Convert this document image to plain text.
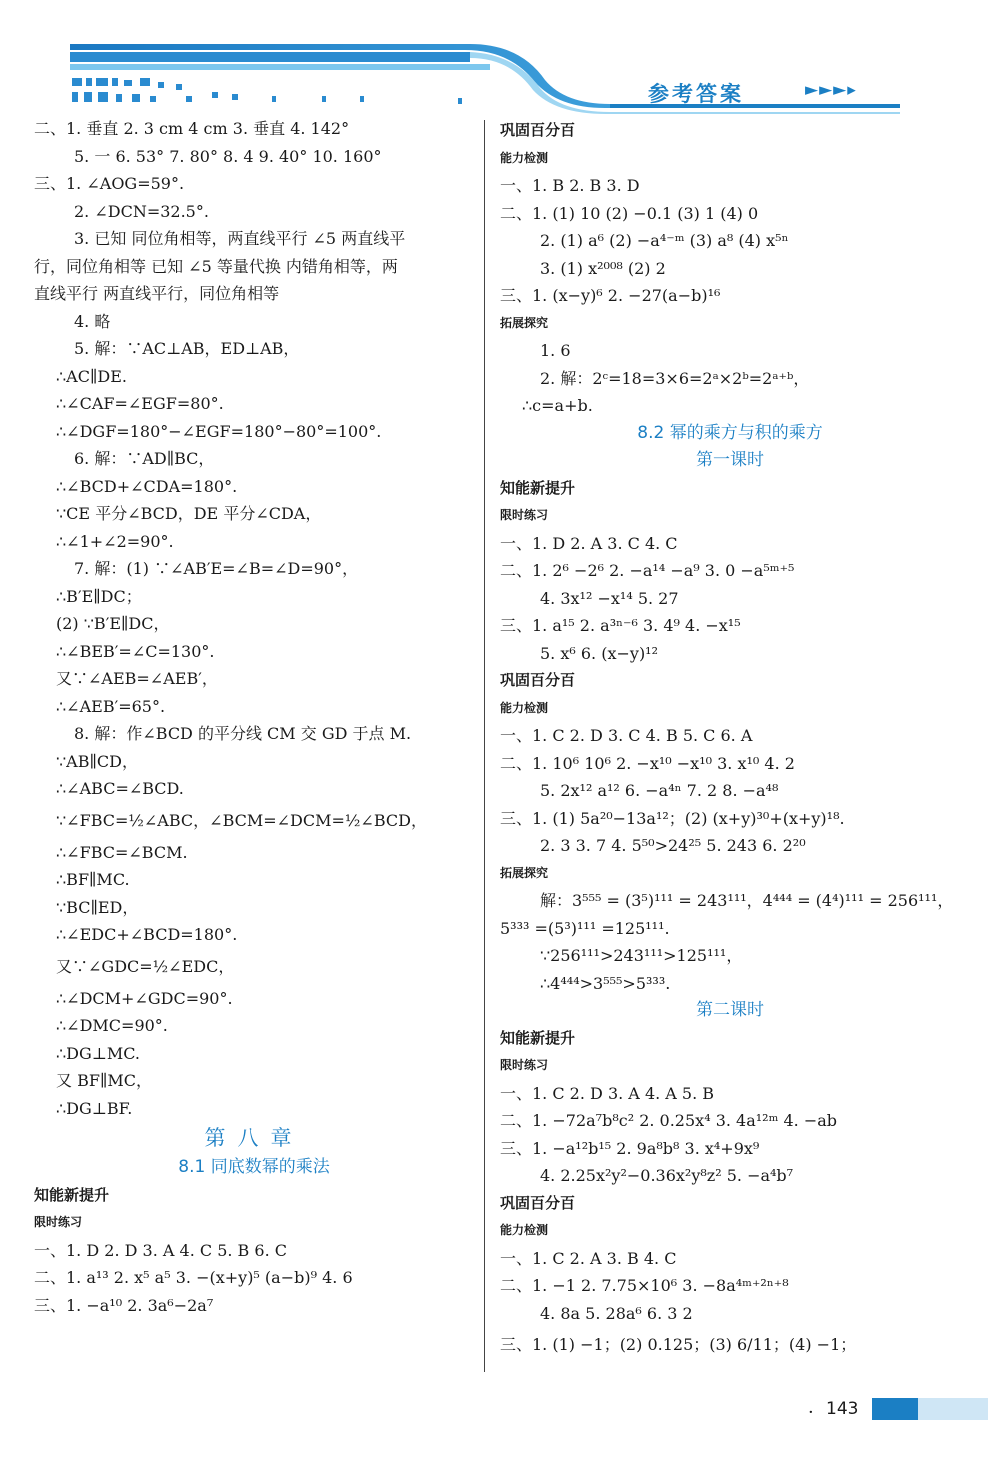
参考答案	►►►▸
二、1. 垂直 2. 3 cm 4 cm 3. 垂直 4. 142°
5. 一 6. 53° 7. 80° 8. 4 9. 40° 10. 160°
三、1. ∠AOG=59°.
2. ∠DCN=32.5°.
3. 已知 同位角相等，两直线平行 ∠5 两直线平
行，同位角相等 已知 ∠5 等量代换 内错角相等，两
直线平行 两直线平行，同位角相等
4. 略
5. 解：∵AC⊥AB，ED⊥AB，
∴AC∥DE.
∴∠CAF=∠EGF=80°.
∴∠DGF=180°−∠EGF=180°−80°=100°.
6. 解：∵AD∥BC，
∴∠BCD+∠CDA=180°.
∵CE 平分∠BCD，DE 平分∠CDA，
∴∠1+∠2=90°.
7. 解：(1) ∵∠AB′E=∠B=∠D=90°，
∴B′E∥DC；
(2) ∵B′E∥DC，
∴∠BEB′=∠C=130°.
又∵∠AEB=∠AEB′，
∴∠AEB′=65°.
8. 解：作∠BCD 的平分线 CM 交 GD 于点 M.
∵AB∥CD，
∴∠ABC=∠BCD.
∵∠FBC=½∠ABC，∠BCM=∠DCM=½∠BCD，
∴∠FBC=∠BCM.
∴BF∥MC.
∵BC∥ED，
∴∠EDC+∠BCD=180°.
又∵∠GDC=½∠EDC，
∴∠DCM+∠GDC=90°.
∴∠DMC=90°.
∴DG⊥MC.
又 BF∥MC，
∴DG⊥BF.
第八章
8.1 同底数幂的乘法
知能新提升
限时练习
一、1. D 2. D 3. A 4. C 5. B 6. C
二、1. a¹³ 2. x⁵ a⁵ 3. −(x+y)⁵ (a−b)⁹ 4. 6
三、1. −a¹⁰ 2. 3a⁶−2a⁷
巩固百分百
能力检测
一、1. B 2. B 3. D
二、1. (1) 10 (2) −0.1 (3) 1 (4) 0
2. (1) a⁶ (2) −a⁴⁻ᵐ (3) a⁸ (4) x⁵ⁿ
3. (1) x²⁰⁰⁸ (2) 2
三、1. (x−y)⁶ 2. −27(a−b)¹⁶
拓展探究
1. 6
2. 解：2ᶜ=18=3×6=2ᵃ×2ᵇ=2ᵃ⁺ᵇ，
∴c=a+b.
8.2 幂的乘方与积的乘方
第一课时
知能新提升
限时练习
一、1. D 2. A 3. C 4. C
二、1. 2⁶ −2⁶ 2. −a¹⁴ −a⁹ 3. 0 −a⁵ᵐ⁺⁵
4. 3x¹² −x¹⁴ 5. 27
三、1. a¹⁵ 2. a³ⁿ⁻⁶ 3. 4⁹ 4. −x¹⁵
5. x⁶ 6. (x−y)¹²
巩固百分百
能力检测
一、1. C 2. D 3. C 4. B 5. C 6. A
二、1. 10⁶ 10⁶ 2. −x¹⁰ −x¹⁰ 3. x¹⁰ 4. 2
5. 2x¹² a¹² 6. −a⁴ⁿ 7. 2 8. −a⁴⁸
三、1. (1) 5a²⁰−13a¹²；(2) (x+y)³⁰+(x+y)¹⁸.
2. 3 3. 7 4. 5⁵⁰>24²⁵ 5. 243 6. 2²⁰
拓展探究
解：3⁵⁵⁵ = (3⁵)¹¹¹ = 243¹¹¹，4⁴⁴⁴ = (4⁴)¹¹¹ = 256¹¹¹，
5³³³ =(5³)¹¹¹ =125¹¹¹.
∵256¹¹¹>243¹¹¹>125¹¹¹，
∴4⁴⁴⁴>3⁵⁵⁵>5³³³.
第二课时
知能新提升
限时练习
一、1. C 2. D 3. A 4. A 5. B
二、1. −72a⁷b⁸c² 2. 0.25x⁴ 3. 4a¹²ᵐ 4. −ab
三、1. −a¹²b¹⁵ 2. 9a⁸b⁸ 3. x⁴+9x⁹
4. 2.25x²y²−0.36x²y⁸z² 5. −a⁴b⁷
巩固百分百
能力检测
一、1. C 2. A 3. B 4. C
二、1. −1 2. 7.75×10⁶ 3. −8a⁴ᵐ⁺²ⁿ⁺⁸
4. 8a 5. 28a⁶ 6. 3 2
三、1. (1) −1；(2) 0.125；(3) 6/11；(4) −1；
· 143
